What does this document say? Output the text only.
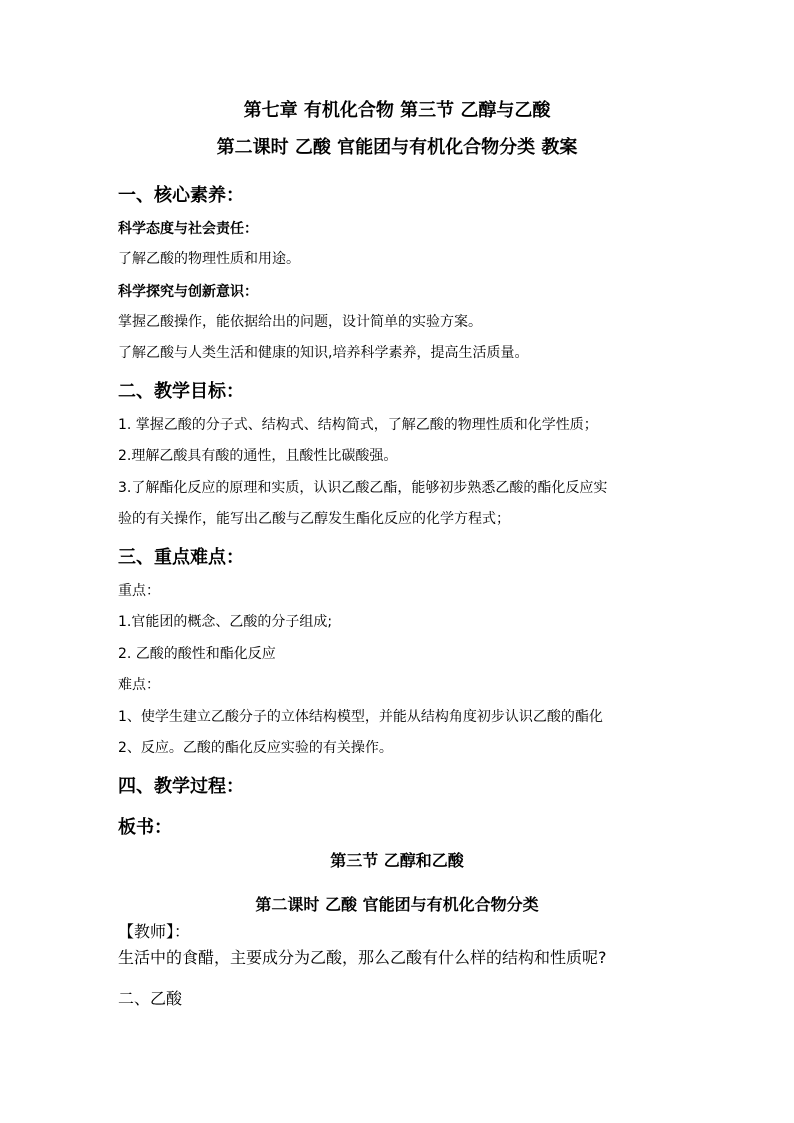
第七章 有机化合物 第三节 乙醇与乙酸
第二课时 乙酸 官能团与有机化合物分类 教案
一、核心素养：
科学态度与社会责任：
了解乙酸的物理性质和用途。
科学探究与创新意识：
掌握乙酸操作，能依据给出的问题，设计简单的实验方案。
了解乙酸与人类生活和健康的知识,培养科学素养，提高生活质量。
二、教学目标：
1. 掌握乙酸的分子式、结构式、结构简式，了解乙酸的物理性质和化学性质；
2.理解乙酸具有酸的通性，且酸性比碳酸强。
3.了解酯化反应的原理和实质，认识乙酸乙酯，能够初步熟悉乙酸的酯化反应实
验的有关操作，能写出乙酸与乙醇发生酯化反应的化学方程式；
三、重点难点：
重点：
1.官能团的概念、乙酸的分子组成;
2. 乙酸的酸性和酯化反应
难点：
1、使学生建立乙酸分子的立体结构模型，并能从结构角度初步认识乙酸的酯化
2、反应。乙酸的酯化反应实验的有关操作。
四、教学过程：
板书：
第三节 乙醇和乙酸
第二课时 乙酸 官能团与有机化合物分类
【教师】：
生活中的食醋，主要成分为乙酸，那么乙酸有什么样的结构和性质呢?
二、乙酸
